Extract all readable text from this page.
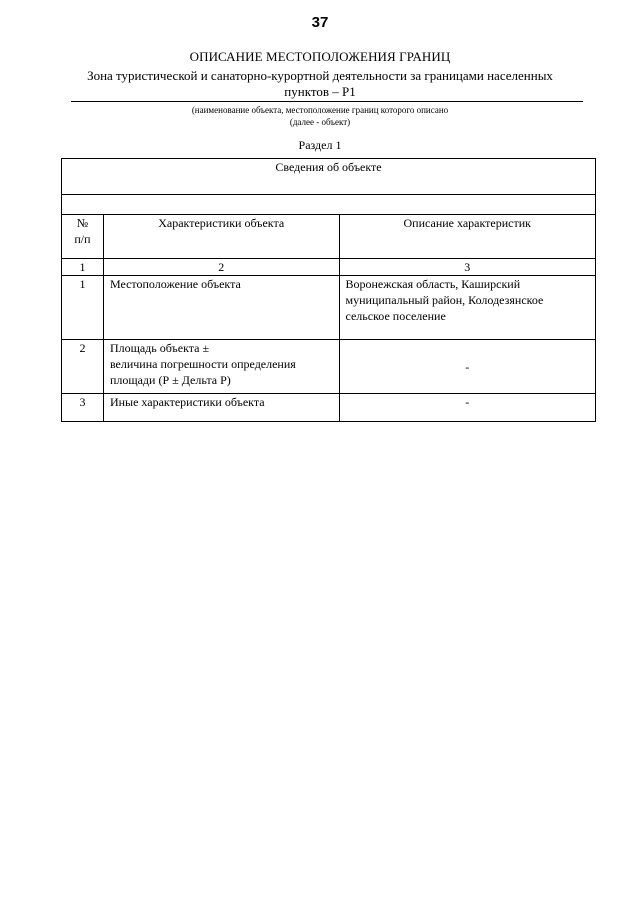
37
ОПИСАНИЕ МЕСТОПОЛОЖЕНИЯ ГРАНИЦ
Зона туристической и санаторно-курортной деятельности за границами населенных
пунктов – Р1
(наименование объекта, местоположение границ которого описано
(далее - объект)
Раздел 1
Сведения об объекте		

№
п/п	Характеристики объекта	Описание характеристик
1	2	3
1	Местоположение объекта	Воронежская область, Каширский
муниципальный район, Колодезянское
сельское поселение

2	Площадь объекта ±
величина погрешности определения
площади (Р ± Дельта Р)	-
3	Иные характеристики объекта	-
